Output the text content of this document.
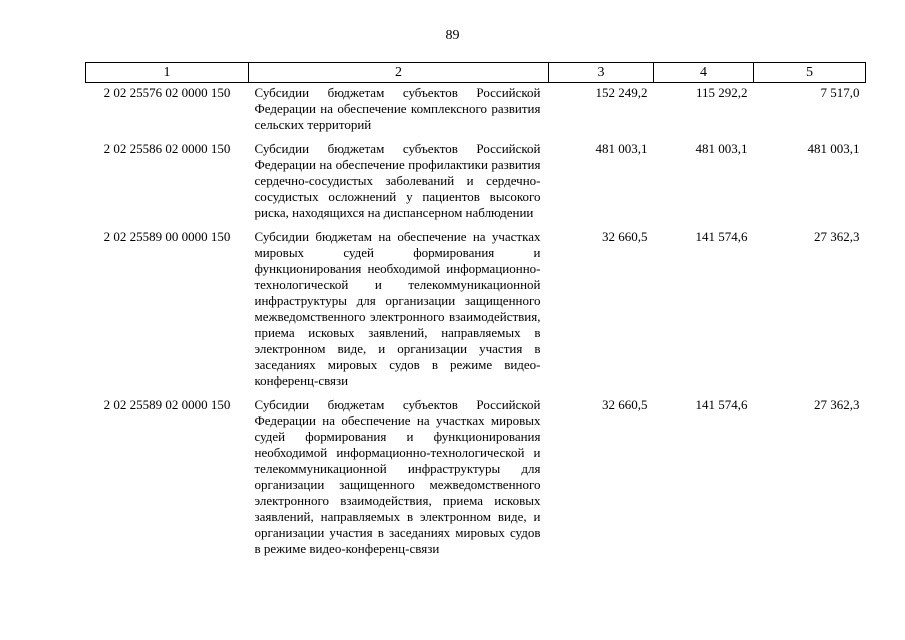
89
1	2	3	4	5
2 02 25576 02 0000 150	Субсидии бюджетам субъектов Российской Федерации на обеспечение комплексного развития сельских территорий	152 249,2	115 292,2	7 517,0
2 02 25586 02 0000 150	Субсидии бюджетам субъектов Российской Федерации на обеспечение профилактики развития сердечно-сосудистых заболеваний и сердечно-сосудистых осложнений у пациентов высокого риска, находящихся на диспансерном наблюдении	481 003,1	481 003,1	481 003,1
2 02 25589 00 0000 150	Субсидии бюджетам на обеспечение на участках мировых судей формирования и функционирования необходимой информационно-технологической и телекоммуникационной инфраструктуры для организации защищенного межведомственного электронного взаимодействия, приема исковых заявлений, направляемых в электронном виде, и организации участия в заседаниях мировых судов в режиме видео-конференц-связи	32 660,5	141 574,6	27 362,3
2 02 25589 02 0000 150	Субсидии бюджетам субъектов Российской Федерации на обеспечение на участках мировых судей формирования и функционирования необходимой информационно-технологической и телекоммуникационной инфраструктуры для организации защищенного межведомственного электронного взаимодействия, приема исковых заявлений, направляемых в электронном виде, и организации участия в заседаниях мировых судов в режиме видео-конференц-связи	32 660,5	141 574,6	27 362,3
